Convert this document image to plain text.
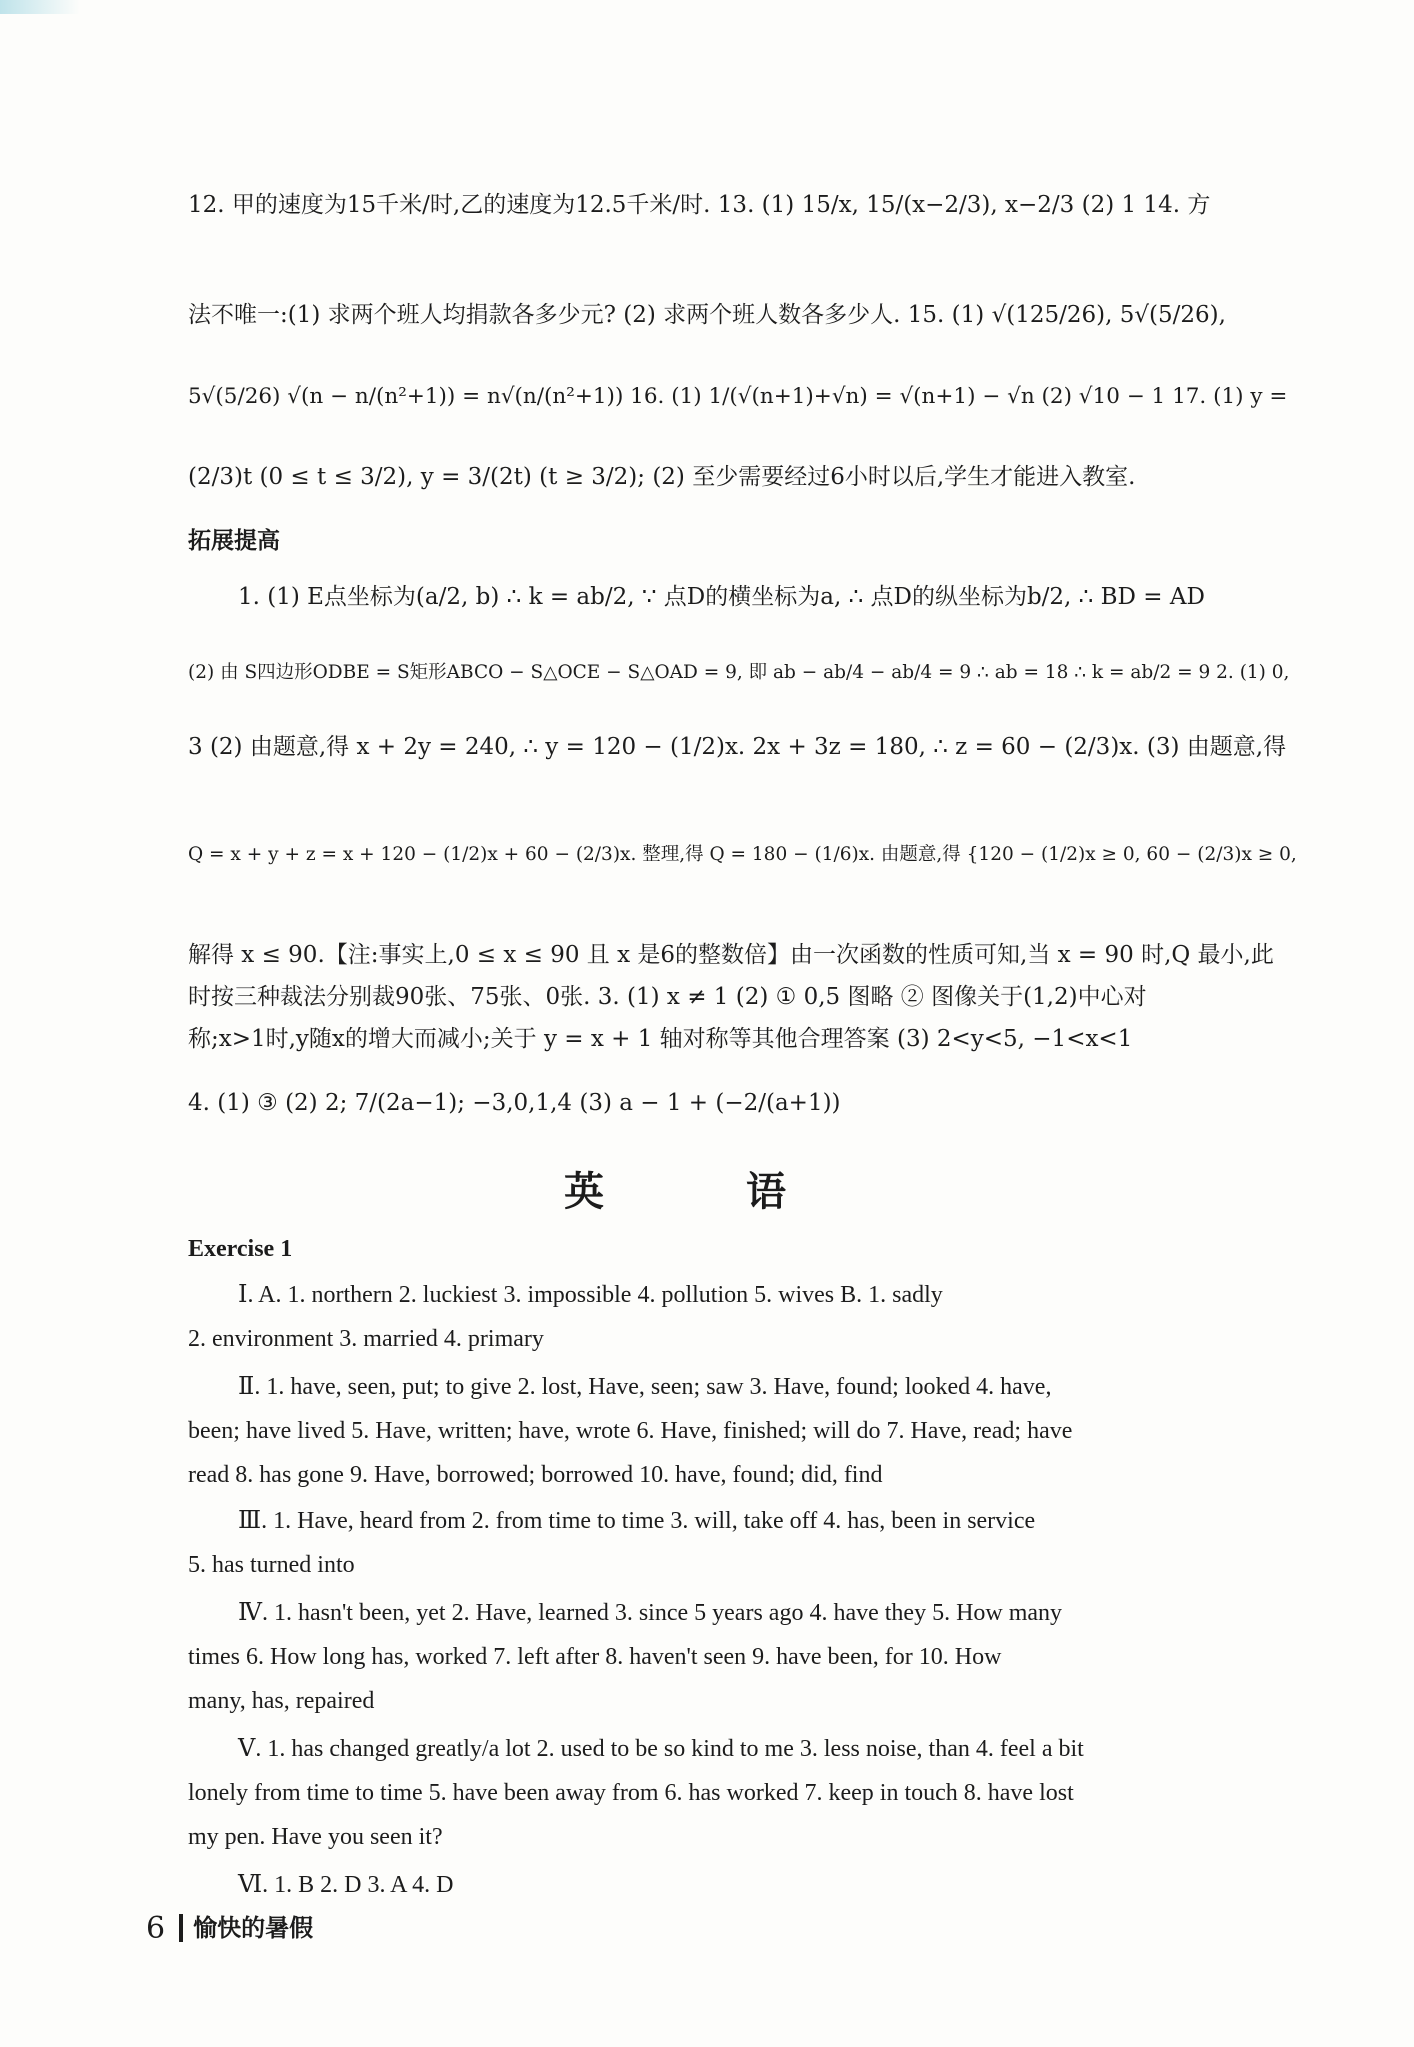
12. 甲的速度为15千米/时,乙的速度为12.5千米/时. 13. (1) 15/x, 15/(x−2/3), x−2/3 (2) 1 14. 方
法不唯一:(1) 求两个班人均捐款各多少元? (2) 求两个班人数各多少人. 15. (1) √(125/26), 5√(5/26),
5√(5/26) √(n − n/(n²+1)) = n√(n/(n²+1)) 16. (1) 1/(√(n+1)+√n) = √(n+1) − √n (2) √10 − 1 17. (1) y =
(2/3)t (0 ≤ t ≤ 3/2), y = 3/(2t) (t ≥ 3/2); (2) 至少需要经过6小时以后,学生才能进入教室.
拓展提高
1. (1) E点坐标为(a/2, b) ∴ k = ab/2, ∵ 点D的横坐标为a, ∴ 点D的纵坐标为b/2, ∴ BD = AD
(2) 由 S四边形ODBE = S矩形ABCO − S△OCE − S△OAD = 9, 即 ab − ab/4 − ab/4 = 9 ∴ ab = 18 ∴ k = ab/2 = 9 2. (1) 0,
3 (2) 由题意,得 x + 2y = 240, ∴ y = 120 − (1/2)x. 2x + 3z = 180, ∴ z = 60 − (2/3)x. (3) 由题意,得
Q = x + y + z = x + 120 − (1/2)x + 60 − (2/3)x. 整理,得 Q = 180 − (1/6)x. 由题意,得 {120 − (1/2)x ≥ 0, 60 − (2/3)x ≥ 0,
解得 x ≤ 90.【注:事实上,0 ≤ x ≤ 90 且 x 是6的整数倍】由一次函数的性质可知,当 x = 90 时,Q 最小,此
时按三种裁法分别裁90张、75张、0张. 3. (1) x ≠ 1 (2) ① 0,5 图略 ② 图像关于(1,2)中心对
称;x>1时,y随x的增大而减小;关于 y = x + 1 轴对称等其他合理答案 (3) 2<y<5, −1<x<1
4. (1) ③ (2) 2; 7/(2a−1); −3,0,1,4 (3) a − 1 + (−2/(a+1))
英 语
Exercise 1
Ⅰ. A. 1. northern 2. luckiest 3. impossible 4. pollution 5. wives B. 1. sadly
2. environment 3. married 4. primary
Ⅱ. 1. have, seen, put; to give 2. lost, Have, seen; saw 3. Have, found; looked 4. have,
been; have lived 5. Have, written; have, wrote 6. Have, finished; will do 7. Have, read; have
read 8. has gone 9. Have, borrowed; borrowed 10. have, found; did, find
Ⅲ. 1. Have, heard from 2. from time to time 3. will, take off 4. has, been in service
5. has turned into
Ⅳ. 1. hasn't been, yet 2. Have, learned 3. since 5 years ago 4. have they 5. How many
times 6. How long has, worked 7. left after 8. haven't seen 9. have been, for 10. How
many, has, repaired
Ⅴ. 1. has changed greatly/a lot 2. used to be so kind to me 3. less noise, than 4. feel a bit
lonely from time to time 5. have been away from 6. has worked 7. keep in touch 8. have lost
my pen. Have you seen it?
Ⅵ. 1. B 2. D 3. A 4. D
6 愉快的暑假
